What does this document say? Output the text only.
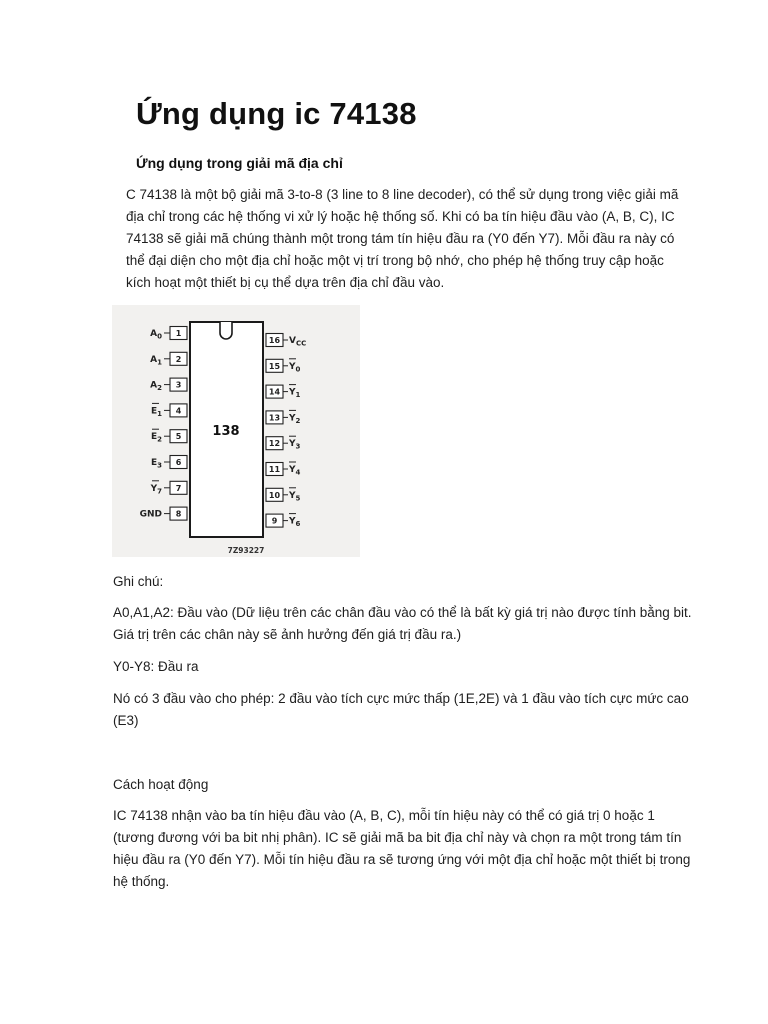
Ứng dụng ic 74138
Ứng dụng trong giải mã địa chỉ

C 74138 là một bộ giải mã 3-to-8 (3 line to 8 line decoder), có thể sử dụng trong việc giải mã địa chỉ trong các hệ thống vi xử lý hoặc hệ thống số. Khi có ba tín hiệu đầu vào (A, B, C), IC 74138 sẽ giải mã chúng thành một trong tám tín hiệu đầu ra (Y0 đến Y7). Mỗi đầu ra này có thể đại diện cho một địa chỉ hoặc một vị trí trong bộ nhớ, cho phép hệ thống truy cập hoặc kích hoạt một thiết bị cụ thể dựa trên địa chỉ đầu vào.

138
7Z93227
1
$A_0$
2
$A_1$
3
$A_2$
4
$E_1$
5
$E_2$
6
$E_3$
7
$Y_7$
8
GND
16 $V_{CC}$
15 $Y_0$
14 $Y_1$
13 $Y_2$
12 $Y_3$
11 $Y_4$
10 $Y_5$
9 $Y_6$

Ghi chú:

A0,A1,A2: Đầu vào (Dữ liệu trên các chân đầu vào có thể là bất kỳ giá trị nào được tính bằng bit. Giá trị trên các chân này sẽ ảnh hưởng đến giá trị đầu ra.)

Y0-Y8: Đầu ra

Nó có 3 đầu vào cho phép: 2 đầu vào tích cực mức thấp (1E,2E) và 1 đầu vào tích cực mức cao (E3)

Cách hoạt động

IC 74138 nhận vào ba tín hiệu đầu vào (A, B, C), mỗi tín hiệu này có thể có giá trị 0 hoặc 1 (tương đương với ba bit nhị phân). IC sẽ giải mã ba bit địa chỉ này và chọn ra một trong tám tín hiệu đầu ra (Y0 đến Y7). Mỗi tín hiệu đầu ra sẽ tương ứng với một địa chỉ hoặc một thiết bị trong hệ thống.
